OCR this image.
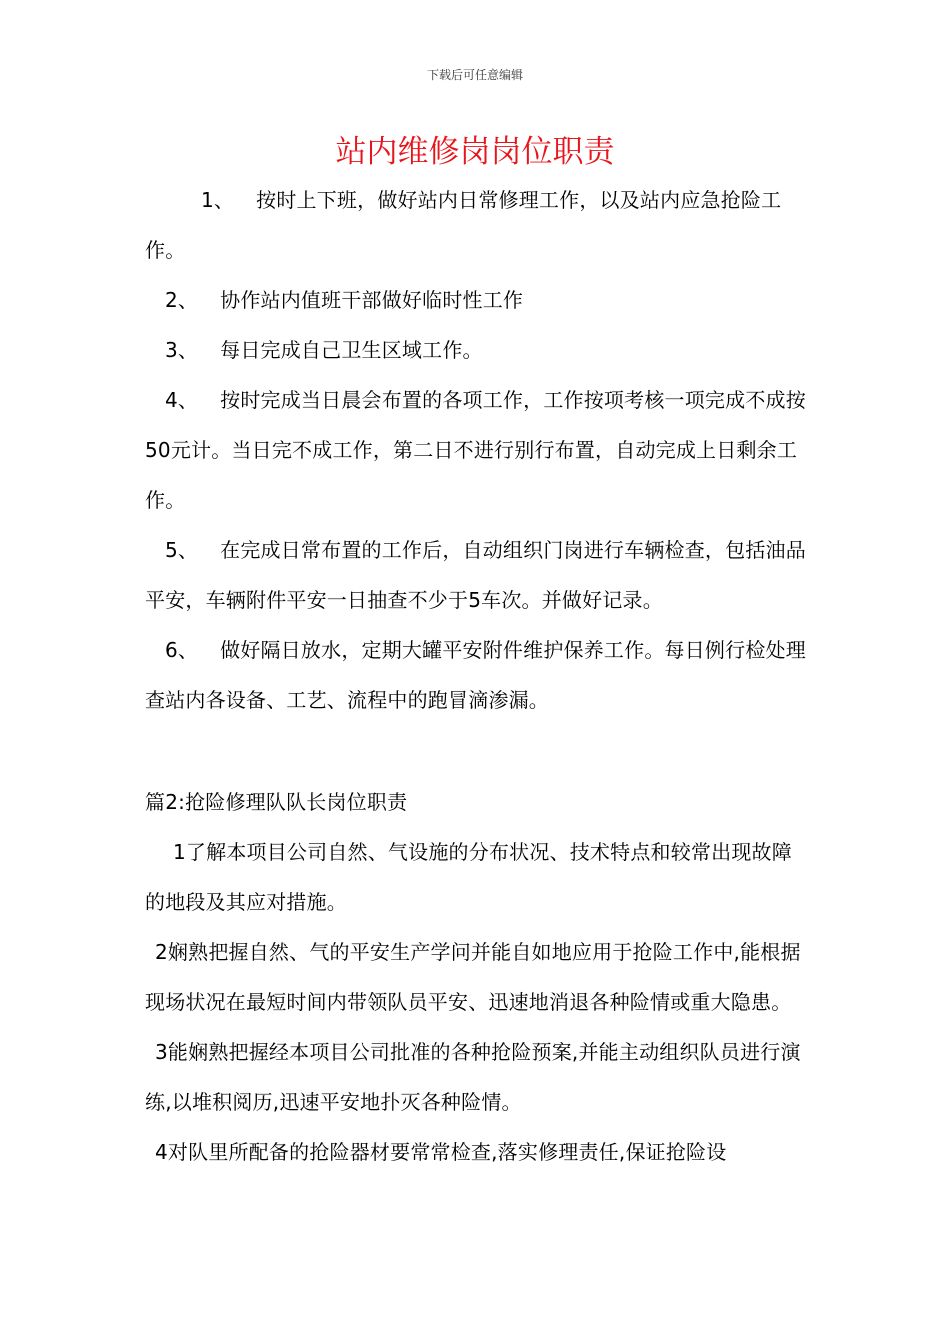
下载后可任意编辑
站内维修岗岗位职责

1、 按时上下班，做好站内日常修理工作，以及站内应急抢险工作。

2、 协作站内值班干部做好临时性工作

3、 每日完成自己卫生区域工作。

4、 按时完成当日晨会布置的各项工作，工作按项考核一项完成不成按50元计。当日完不成工作，第二日不进行别行布置，自动完成上日剩余工作。

5、 在完成日常布置的工作后，自动组织门岗进行车辆检查，包括油品平安，车辆附件平安一日抽查不少于5车次。并做好记录。

6、 做好隔日放水，定期大罐平安附件维护保养工作。每日例行检处理查站内各设备、工艺、流程中的跑冒滴渗漏。

篇2:抢险修理队队长岗位职责

1了解本项目公司自然、气设施的分布状况、技术特点和较常出现故障的地段及其应对措施。

2娴熟把握自然、气的平安生产学问并能自如地应用于抢险工作中,能根据现场状况在最短时间内带领队员平安、迅速地消退各种险情或重大隐患。

3能娴熟把握经本项目公司批准的各种抢险预案,并能主动组织队员进行演练,以堆积阅历,迅速平安地扑灭各种险情。

4对队里所配备的抢险器材要常常检查,落实修理责任,保证抢险设
